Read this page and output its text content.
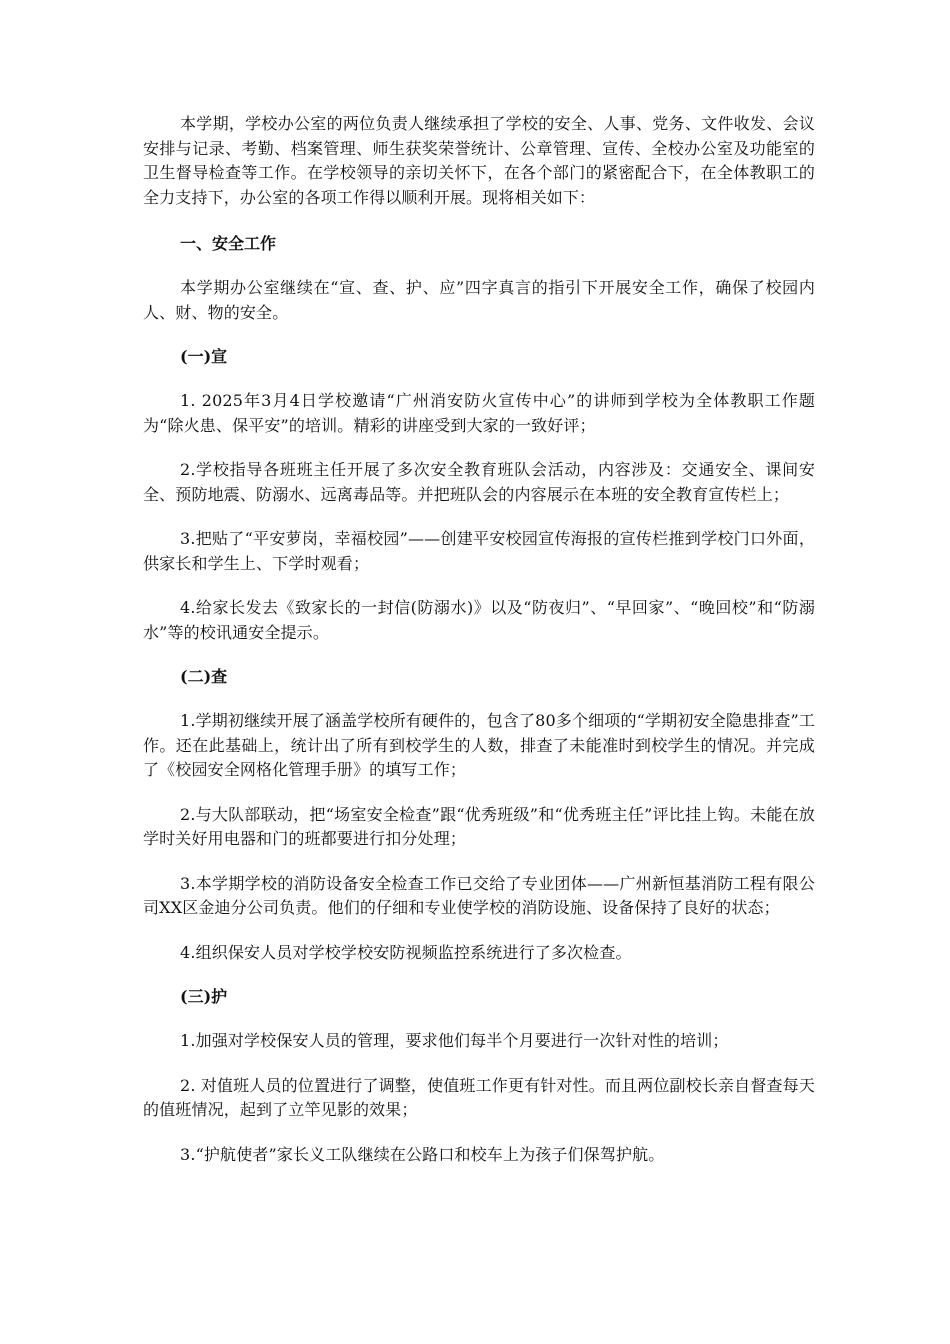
本学期，学校办公室的两位负责人继续承担了学校的安全、人事、党务、文件收发、会议安排与记录、考勤、档案管理、师生获奖荣誉统计、公章管理、宣传、全校办公室及功能室的卫生督导检查等工作。在学校领导的亲切关怀下，在各个部门的紧密配合下，在全体教职工的全力支持下，办公室的各项工作得以顺利开展。现将相关如下：

一、安全工作

本学期办公室继续在“宣、查、护、应”四字真言的指引下开展安全工作，确保了校园内人、财、物的安全。

(一)宣

1. 2025年3月4日学校邀请“广州消安防火宣传中心”的讲师到学校为全体教职工作题为“除火患、保平安”的培训。精彩的讲座受到大家的一致好评；

2.学校指导各班班主任开展了多次安全教育班队会活动，内容涉及：交通安全、课间安全、预防地震、防溺水、远离毒品等。并把班队会的内容展示在本班的安全教育宣传栏上；

3.把贴了“平安萝岗，幸福校园”——创建平安校园宣传海报的宣传栏推到学校门口外面，供家长和学生上、下学时观看；

4.给家长发去《致家长的一封信(防溺水)》以及“防夜归”、“早回家”、“晚回校”和“防溺水”等的校讯通安全提示。

(二)查

1.学期初继续开展了涵盖学校所有硬件的，包含了80多个细项的“学期初安全隐患排查”工作。还在此基础上，统计出了所有到校学生的人数，排查了未能准时到校学生的情况。并完成了《校园安全网格化管理手册》的填写工作；

2.与大队部联动，把“场室安全检查”跟“优秀班级”和“优秀班主任”评比挂上钩。未能在放学时关好用电器和门的班都要进行扣分处理；

3.本学期学校的消防设备安全检查工作已交给了专业团体——广州新恒基消防工程有限公司XX区金迪分公司负责。他们的仔细和专业使学校的消防设施、设备保持了良好的状态；

4.组织保安人员对学校学校安防视频监控系统进行了多次检查。

(三)护

1.加强对学校保安人员的管理，要求他们每半个月要进行一次针对性的培训；

2. 对值班人员的位置进行了调整，使值班工作更有针对性。而且两位副校长亲自督查每天的值班情况，起到了立竿见影的效果；

3.“护航使者”家长义工队继续在公路口和校车上为孩子们保驾护航。
